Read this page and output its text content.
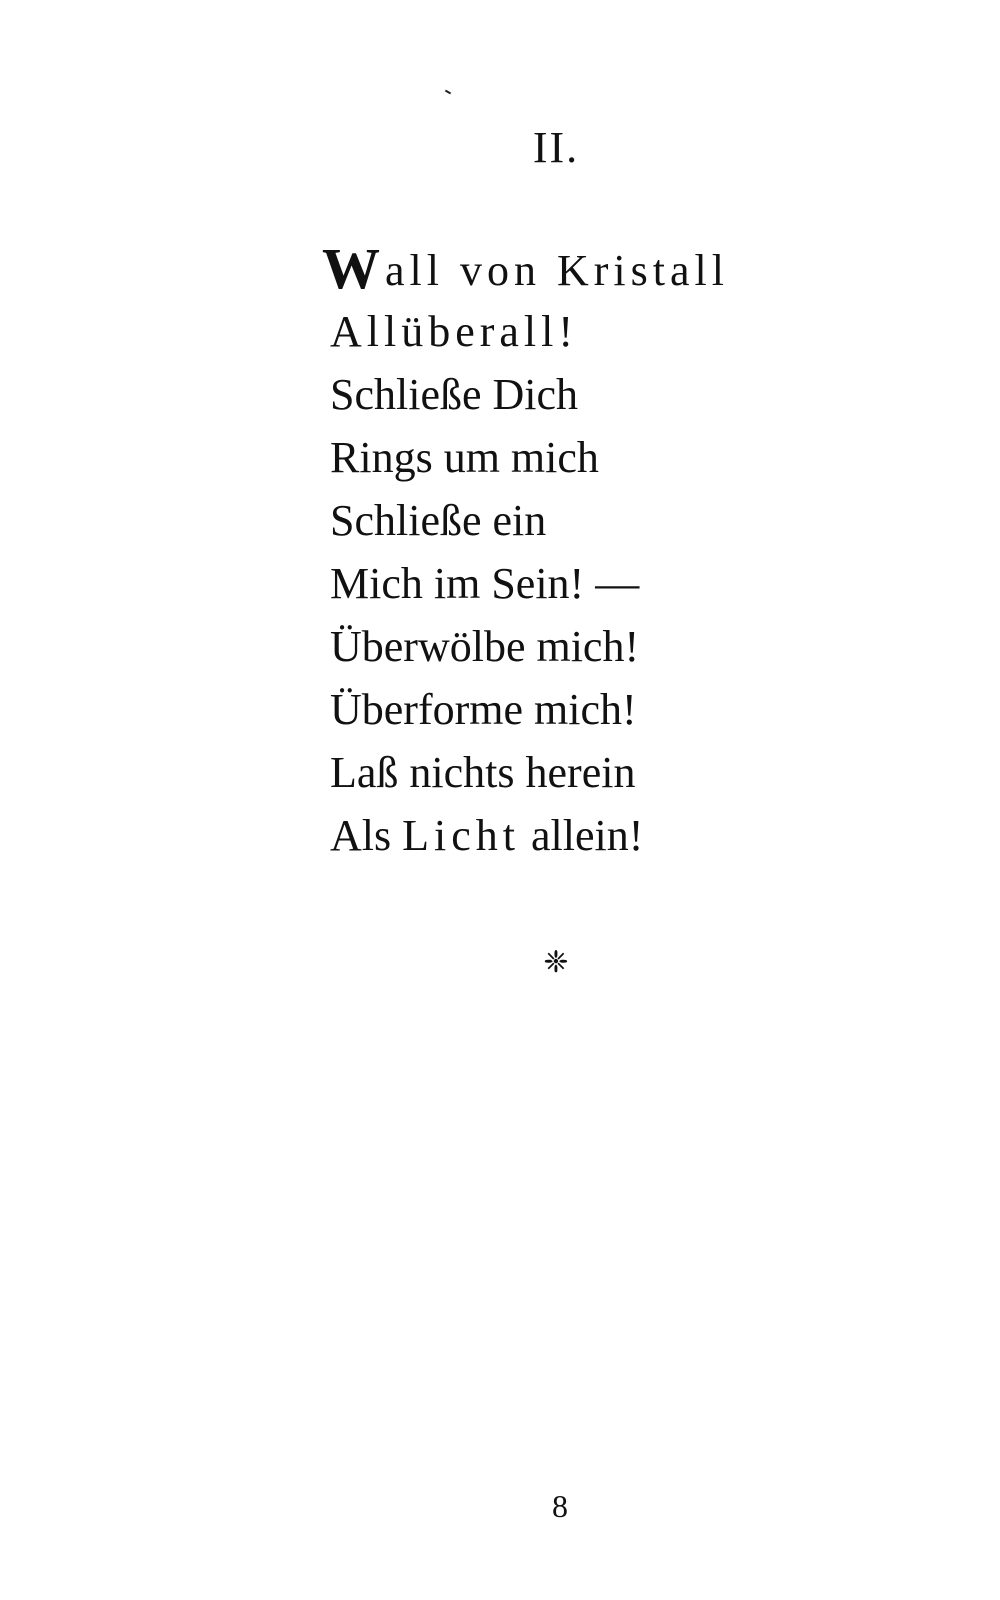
II.
Wall von Kristall
Allüberall!
Schließe Dich
Rings um mich
Schließe ein
Mich im Sein! —
Überwölbe mich!
Überforme mich!
Laß nichts herein
Als Licht allein!
❈
8
